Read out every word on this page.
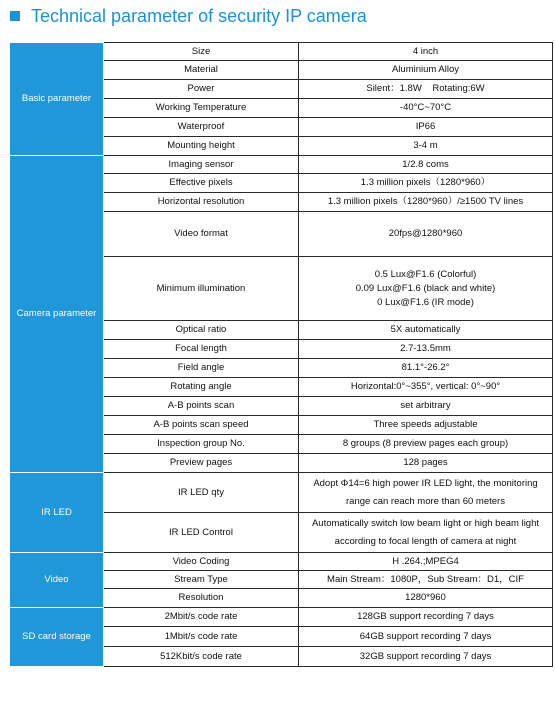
Technical parameter of security IP camera
Basic parameter	Size	4 inch
	Material	Aluminium Alloy
	Power	Silent：1.8W    Rotating:6W
	Working Temperature	-40°C~70°C
	Waterproof	IP66
	Mounting height	3-4 m
Camera parameter	Imaging sensor	1/2.8 coms
	Effective pixels	1.3 million pixels（1280*960）
	Horizontal resolution	1.3 million pixels（1280*960）/≥1500 TV lines
	Video format	20fps@1280*960
	Minimum illumination	0.5 Lux@F1.6 (Colorful)
0.09 Lux@F1.6 (black and white)
0 Lux@F1.6 (IR mode)

	Optical ratio	5X automatically
	Focal length	2.7-13.5mm
	Field angle	81.1°-26.2°
	Rotating angle	Horizontal:0°~355°, vertical: 0°~90°
	A-B points scan	set arbitrary
	A-B points scan speed	Three speeds adjustable
	Inspection group No.	8 groups (8 preview pages each group)
	Preview pages	128 pages
IR LED	IR LED qty	Adopt Φ14=6 high power IR LED light, the monitoring
range can reach more than 60 meters

	IR LED Control	Automatically switch low beam light or high beam light
according to focal length of camera at night

Video	Video Coding	H .264.;MPEG4
	Stream Type	Main Stream：1080P，Sub Stream：D1，CIF
	Resolution	1280*960
SD card storage	2Mbit/s code rate	128GB support recording 7 days
	1Mbit/s code rate	64GB support recording 7 days
	512Kbit/s code rate	32GB support recording 7 days
